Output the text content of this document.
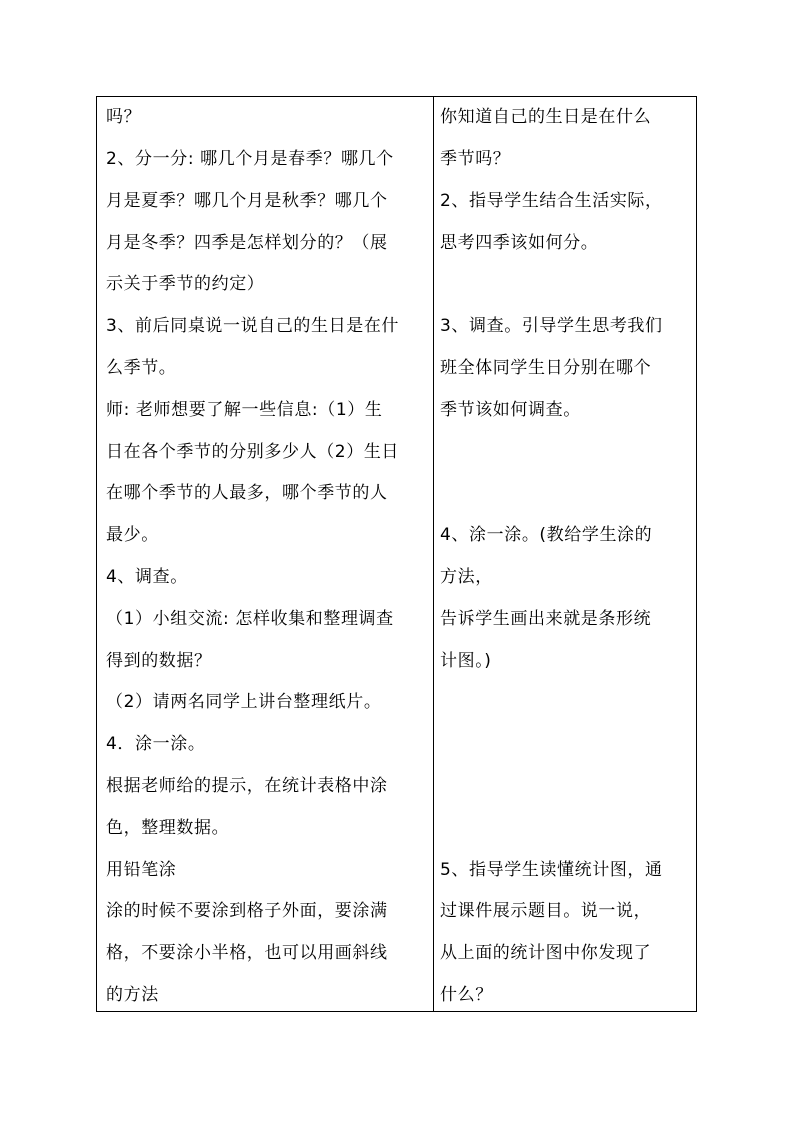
吗？
2、分一分: 哪几个月是春季？哪几个
月是夏季？哪几个月是秋季？哪几个
月是冬季？四季是怎样划分的？（展
示关于季节的约定）
3、前后同桌说一说自己的生日是在什
么季节。
师: 老师想要了解一些信息:（1）生
日在各个季节的分别多少人（2）生日
在哪个季节的人最多，哪个季节的人
最少。
4、调查。
（1）小组交流: 怎样收集和整理调查
得到的数据？
（2）请两名同学上讲台整理纸片。
4．涂一涂。
根据老师给的提示，在统计表格中涂
色，整理数据。
用铅笔涂
涂的时候不要涂到格子外面，要涂满
格，不要涂小半格，也可以用画斜线
的方法
你知道自己的生日是在什么
季节吗？
2、指导学生结合生活实际，
思考四季该如何分。
3、调查。引导学生思考我们
班全体同学生日分别在哪个
季节该如何调查。
4、涂一涂。(教给学生涂的
方法，
告诉学生画出来就是条形统
计图。)
5、指导学生读懂统计图，通
过课件展示题目。说一说，
从上面的统计图中你发现了
什么？
